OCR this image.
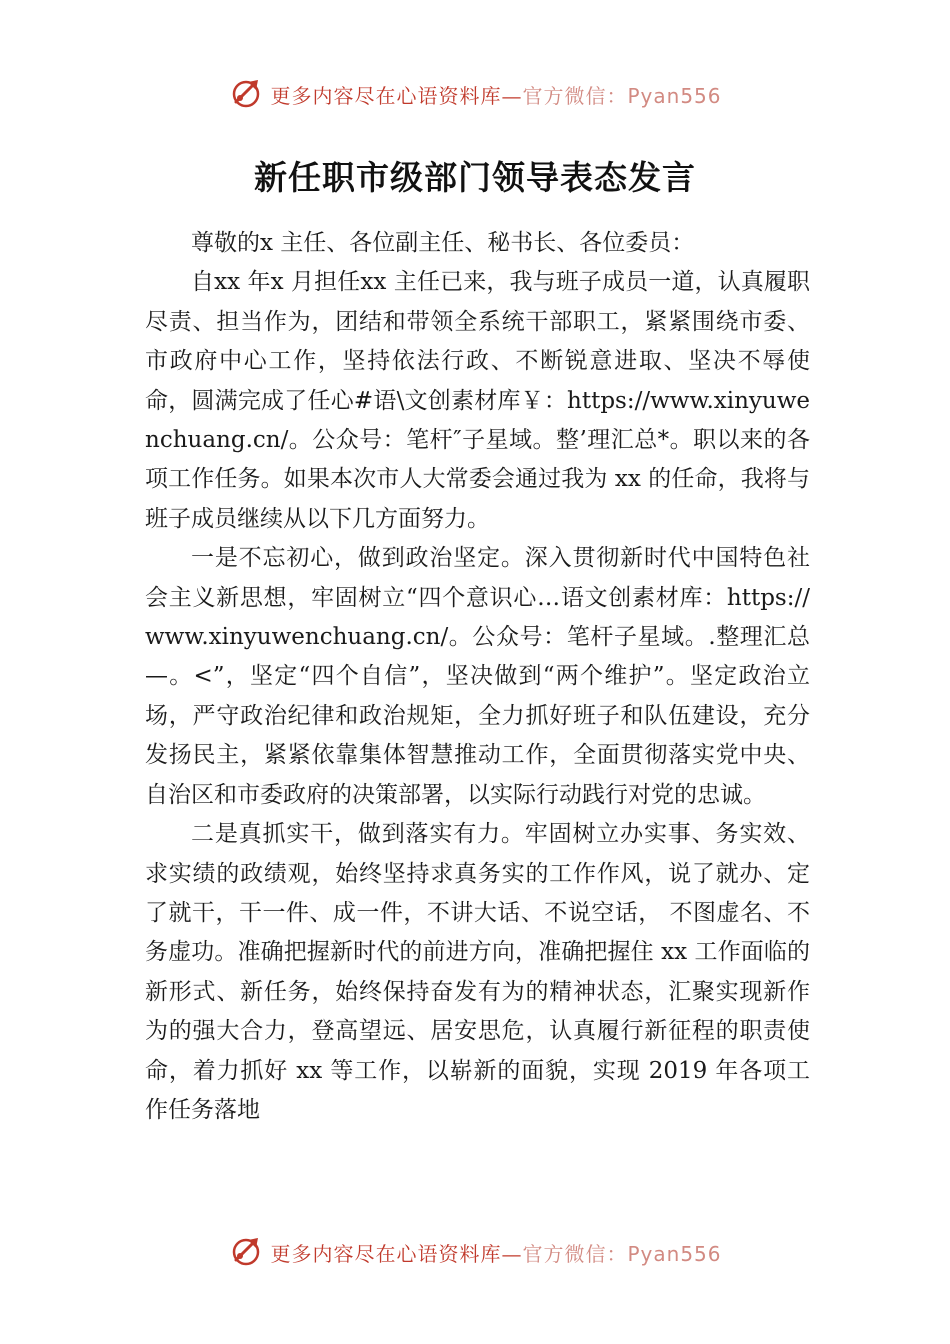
更多内容尽在心语资料库—官方微信：Pyan556
新任职市级部门领导表态发言

尊敬的x 主任、各位副主任、秘书长、各位委员：

自xx 年x 月担任xx 主任已来，我与班子成员一道，认真履职尽责、担当作为，团结和带领全系统干部职工，紧紧围绕市委、市政府中心工作，坚持依法行政、不断锐意进取、坚决不辱使命，圆满完成了任心#语\文创素材库￥：https://www.xinyuwenchuang.cn/。公众号：笔杆″子星域。整’理汇总*。职以来的各项工作任务。如果本次市人大常委会通过我为 xx 的任命，我将与班子成员继续从以下几方面努力。

一是不忘初心，做到政治坚定。深入贯彻新时代中国特色社会主义新思想，牢固树立“四个意识心…语文创素材库：https://www.xinyuwenchuang.cn/。公众号：笔杆子星域。.整理汇总—。<”，坚定“四个自信”，坚决做到“两个维护”。坚定政治立场，严守政治纪律和政治规矩，全力抓好班子和队伍建设，充分发扬民主，紧紧依靠集体智慧推动工作，全面贯彻落实党中央、自治区和市委政府的决策部署，以实际行动践行对党的忠诚。

二是真抓实干，做到落实有力。牢固树立办实事、务实效、求实绩的政绩观，始终坚持求真务实的工作作风，说了就办、定了就干，干一件、成一件，不讲大话、不说空话， 不图虚名、不务虚功。准确把握新时代的前进方向，准确把握住 xx 工作面临的新形式、新任务，始终保持奋发有为的精神状态，汇聚实现新作为的强大合力，登高望远、居安思危，认真履行新征程的职责使命，着力抓好 xx 等工作，以崭新的面貌，实现 2019 年各项工作任务落地

更多内容尽在心语资料库—官方微信：Pyan556
